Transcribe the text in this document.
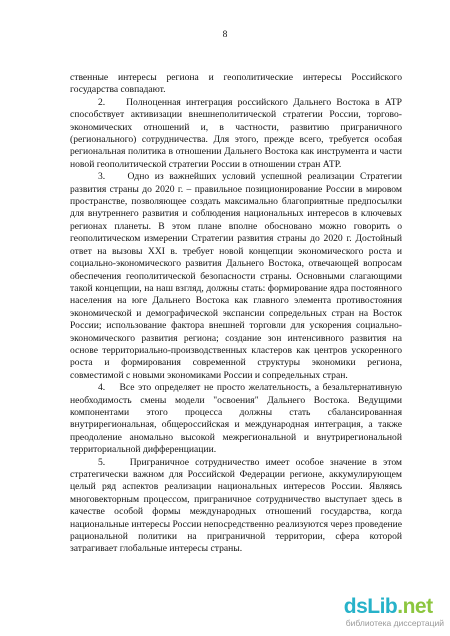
8

ственные интересы региона и геополитические интересы Российского государства совпадают.

2.    Полноценная интеграция российского Дальнего Востока в АТР способствует активизации внешнеполитической стратегии России, торгово-экономических отношений и, в частности, развитию приграничного (регионального) сотрудничества. Для этого, прежде всего, требуется особая региональная политика в отношении Дальнего Востока как инструмента и части новой геополитической стратегии России в отношении стран АТР.

3.    Одно из важнейших условий успешной реализации Стратегии развития страны до 2020 г. – правильное позиционирование России в мировом пространстве, позволяющее создать максимально благоприятные предпосылки для внутреннего развития и соблюдения национальных интересов в ключевых регионах планеты. В этом плане вполне обосновано можно говорить о геополитическом измерении Стратегии развития страны до 2020 г. Достойный ответ на вызовы XXI в. требует новой концепции экономического роста и социально-экономического развития Дальнего Востока, отвечающей вопросам обеспечения геополитической безопасности страны. Основными слагающими такой концепции, на наш взгляд, должны стать: формирование ядра постоянного населения на юге Дальнего Востока как главного элемента противостояния экономической и демографической экспансии сопредельных стран на Восток России; использование фактора внешней торговли для ускорения социально-экономического развития региона; создание зон интенсивного развития на основе территориально-производственных кластеров как центров ускоренного роста и формирования современной структуры экономики региона, совместимой с новыми экономиками России и сопредельных стран.

4.    Все это определяет не просто желательность, а безальтернативную необходимость смены модели "освоения" Дальнего Востока. Ведущими компонентами этого процесса должны стать сбалансированная внутрирегиональная, общероссийская и международная интеграция, а также преодоление аномально высокой межрегиональной и внутрирегиональной территориальной дифференциации.

5.    Приграничное сотрудничество имеет особое значение в этом стратегически важном для Российской Федерации регионе, аккумулирующем целый ряд аспектов реализации национальных интересов России. Являясь многовекторным процессом, приграничное сотрудничество выступает здесь в качестве особой формы международных отношений государства, когда национальные интересы России непосредственно реализуются через проведение рациональной политики на приграничной территории, сфера которой затрагивает глобальные интересы страны.

dsLib.net
библиотека диссертаций
